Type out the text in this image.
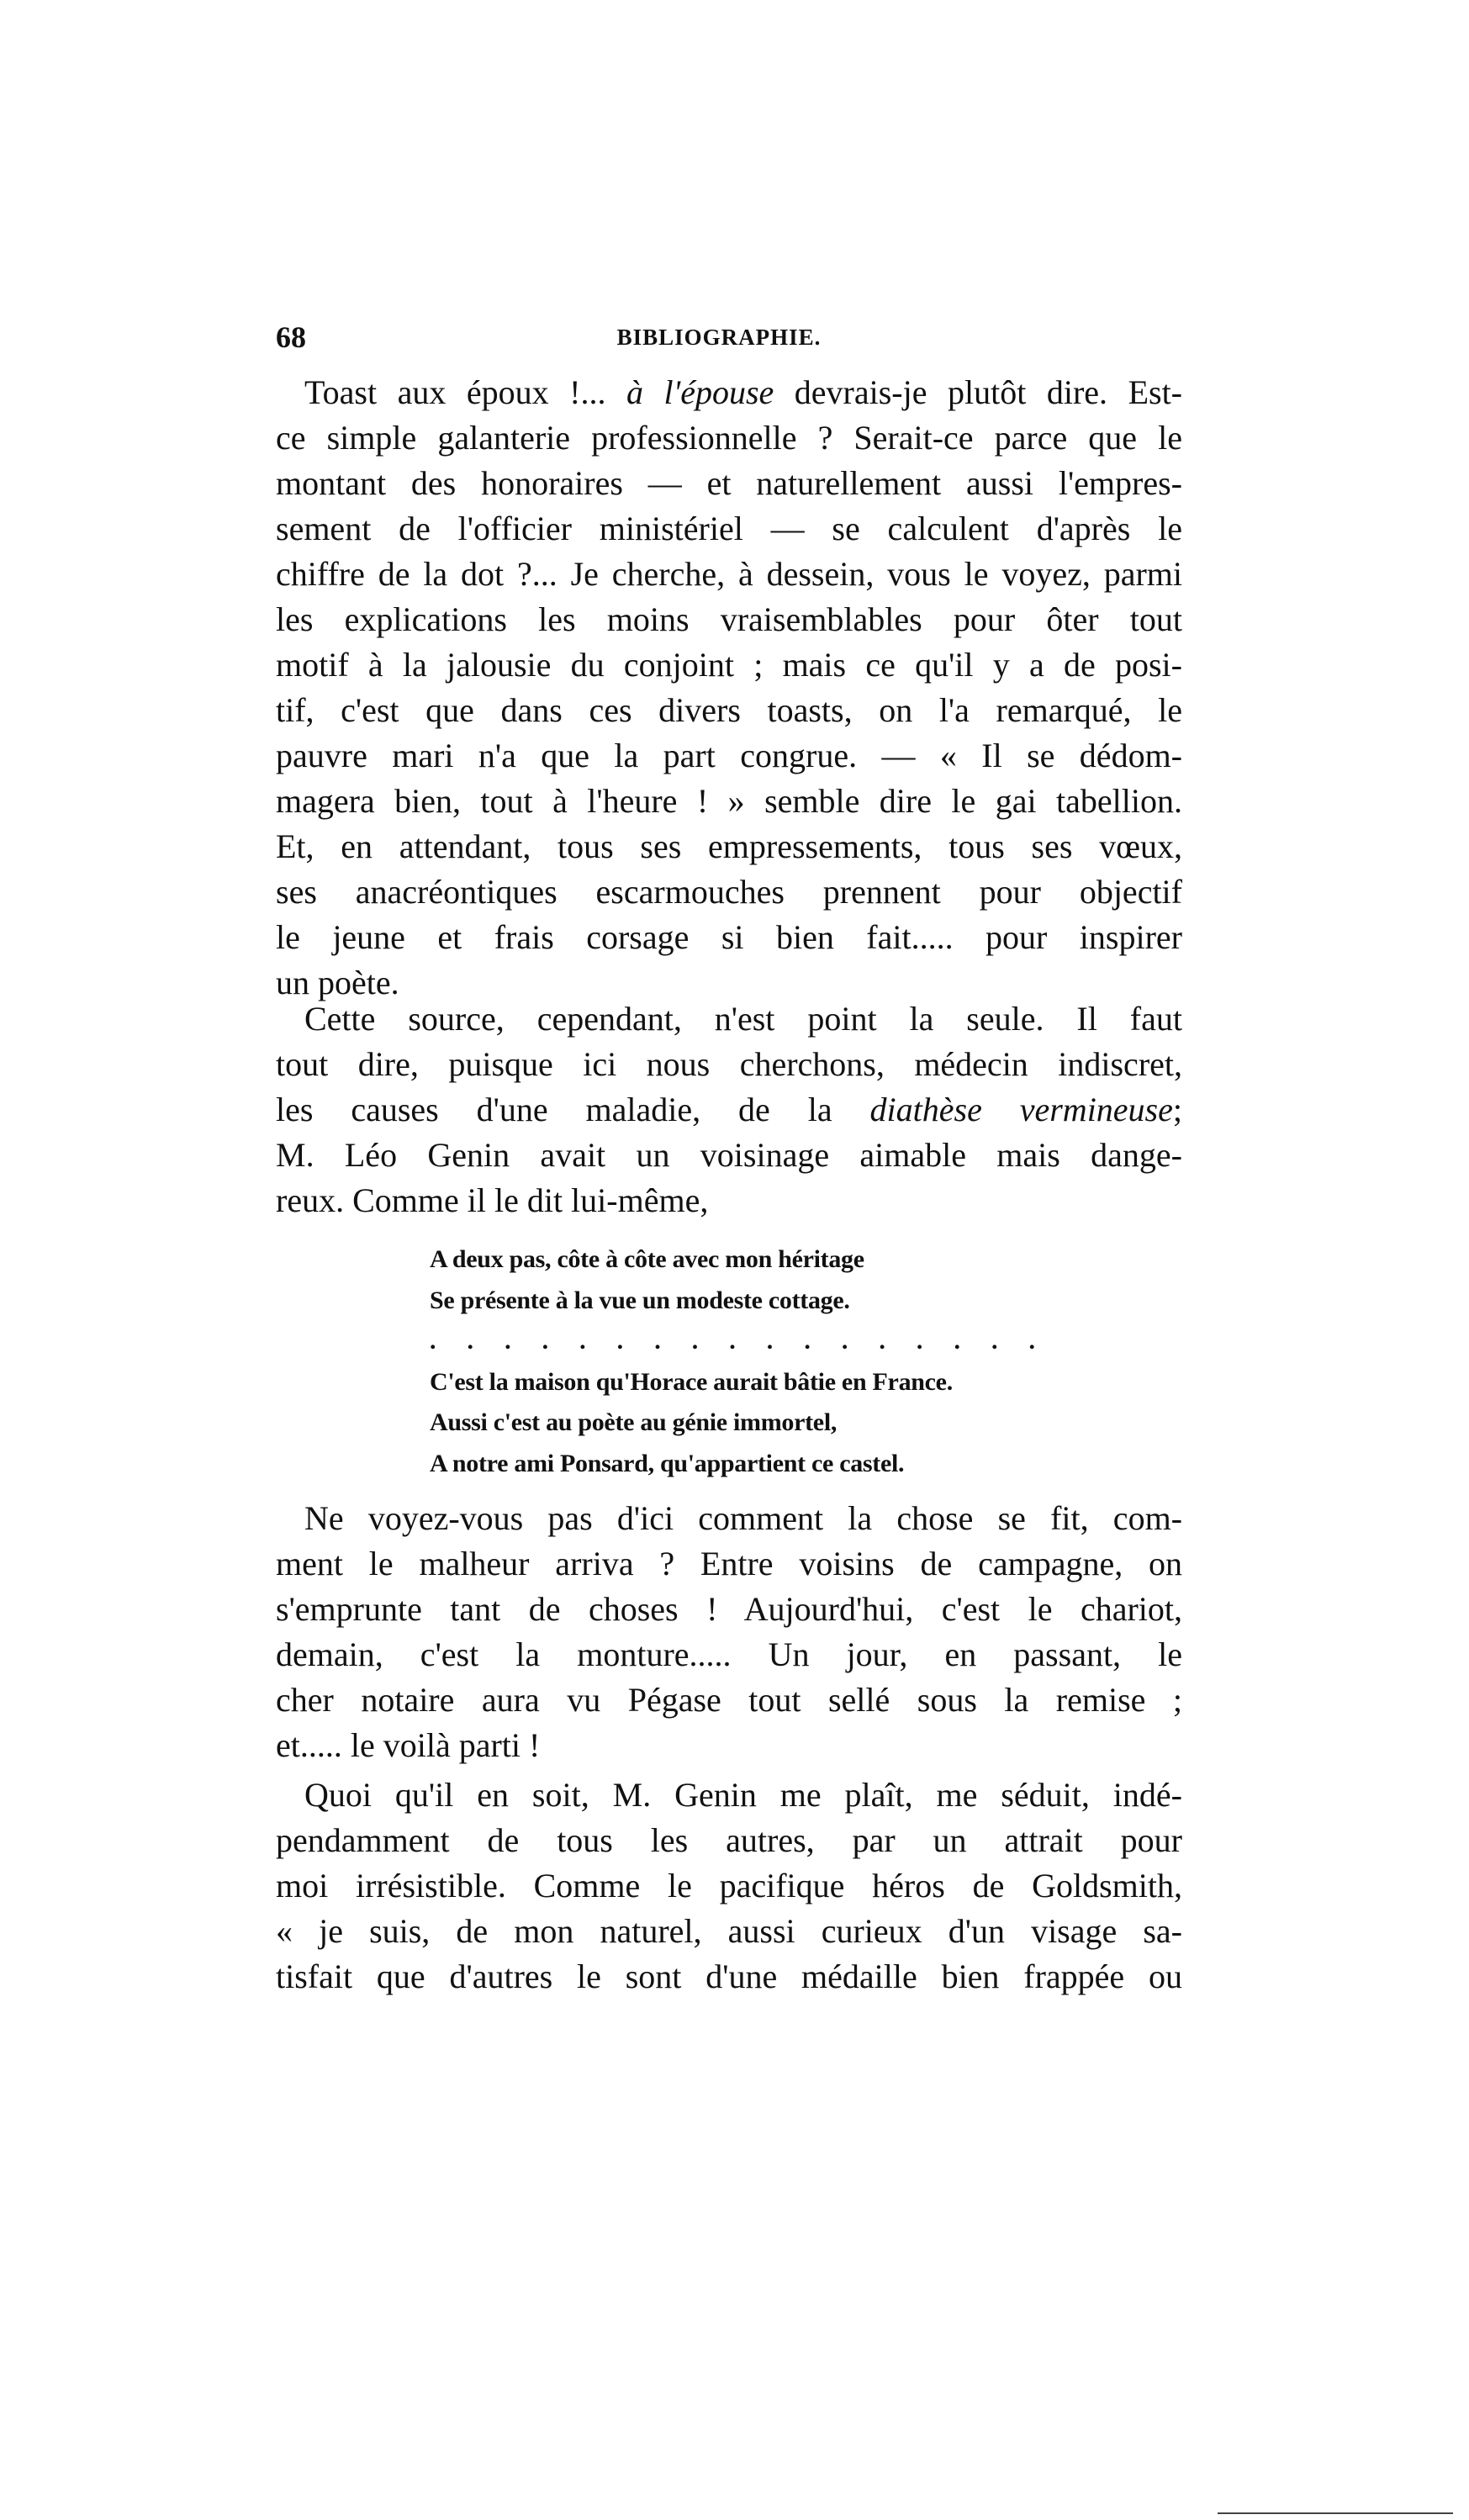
68	BIBLIOGRAPHIE.
Toast aux époux !... à l'épouse devrais-je plutôt dire. Est-
ce simple galanterie professionnelle ? Serait-ce parce que le
montant des honoraires — et naturellement aussi l'empres-
sement de l'officier ministériel — se calculent d'après le
chiffre de la dot ?... Je cherche, à dessein, vous le voyez, parmi
les explications les moins vraisemblables pour ôter tout
motif à la jalousie du conjoint ; mais ce qu'il y a de posi-
tif, c'est que dans ces divers toasts, on l'a remarqué, le
pauvre mari n'a que la part congrue. — « Il se dédom-
magera bien, tout à l'heure ! » semble dire le gai tabellion.
Et, en attendant, tous ses empressements, tous ses vœux,
ses anacréontiques escarmouches prennent pour objectif
le jeune et frais corsage si bien fait..... pour inspirer
un poète.
Cette source, cependant, n'est point la seule. Il faut
tout dire, puisque ici nous cherchons, médecin indiscret,
les causes d'une maladie, de la diathèse vermineuse;
M. Léo Genin avait un voisinage aimable mais dange-
reux. Comme il le dit lui-même,
A deux pas, côte à côte avec mon héritage
Se présente à la vue un modeste cottage.
. . . . . . . . . . . . . . . . .
C'est la maison qu'Horace aurait bâtie en France.
Aussi c'est au poète au génie immortel,
A notre ami Ponsard, qu'appartient ce castel.
Ne voyez-vous pas d'ici comment la chose se fit, com-
ment le malheur arriva ? Entre voisins de campagne, on
s'emprunte tant de choses ! Aujourd'hui, c'est le chariot,
demain, c'est la monture..... Un jour, en passant, le
cher notaire aura vu Pégase tout sellé sous la remise ;
et..... le voilà parti !
Quoi qu'il en soit, M. Genin me plaît, me séduit, indé-
pendamment de tous les autres, par un attrait pour
moi irrésistible. Comme le pacifique héros de Goldsmith,
« je suis, de mon naturel, aussi curieux d'un visage sa-
tisfait que d'autres le sont d'une médaille bien frappée ou
